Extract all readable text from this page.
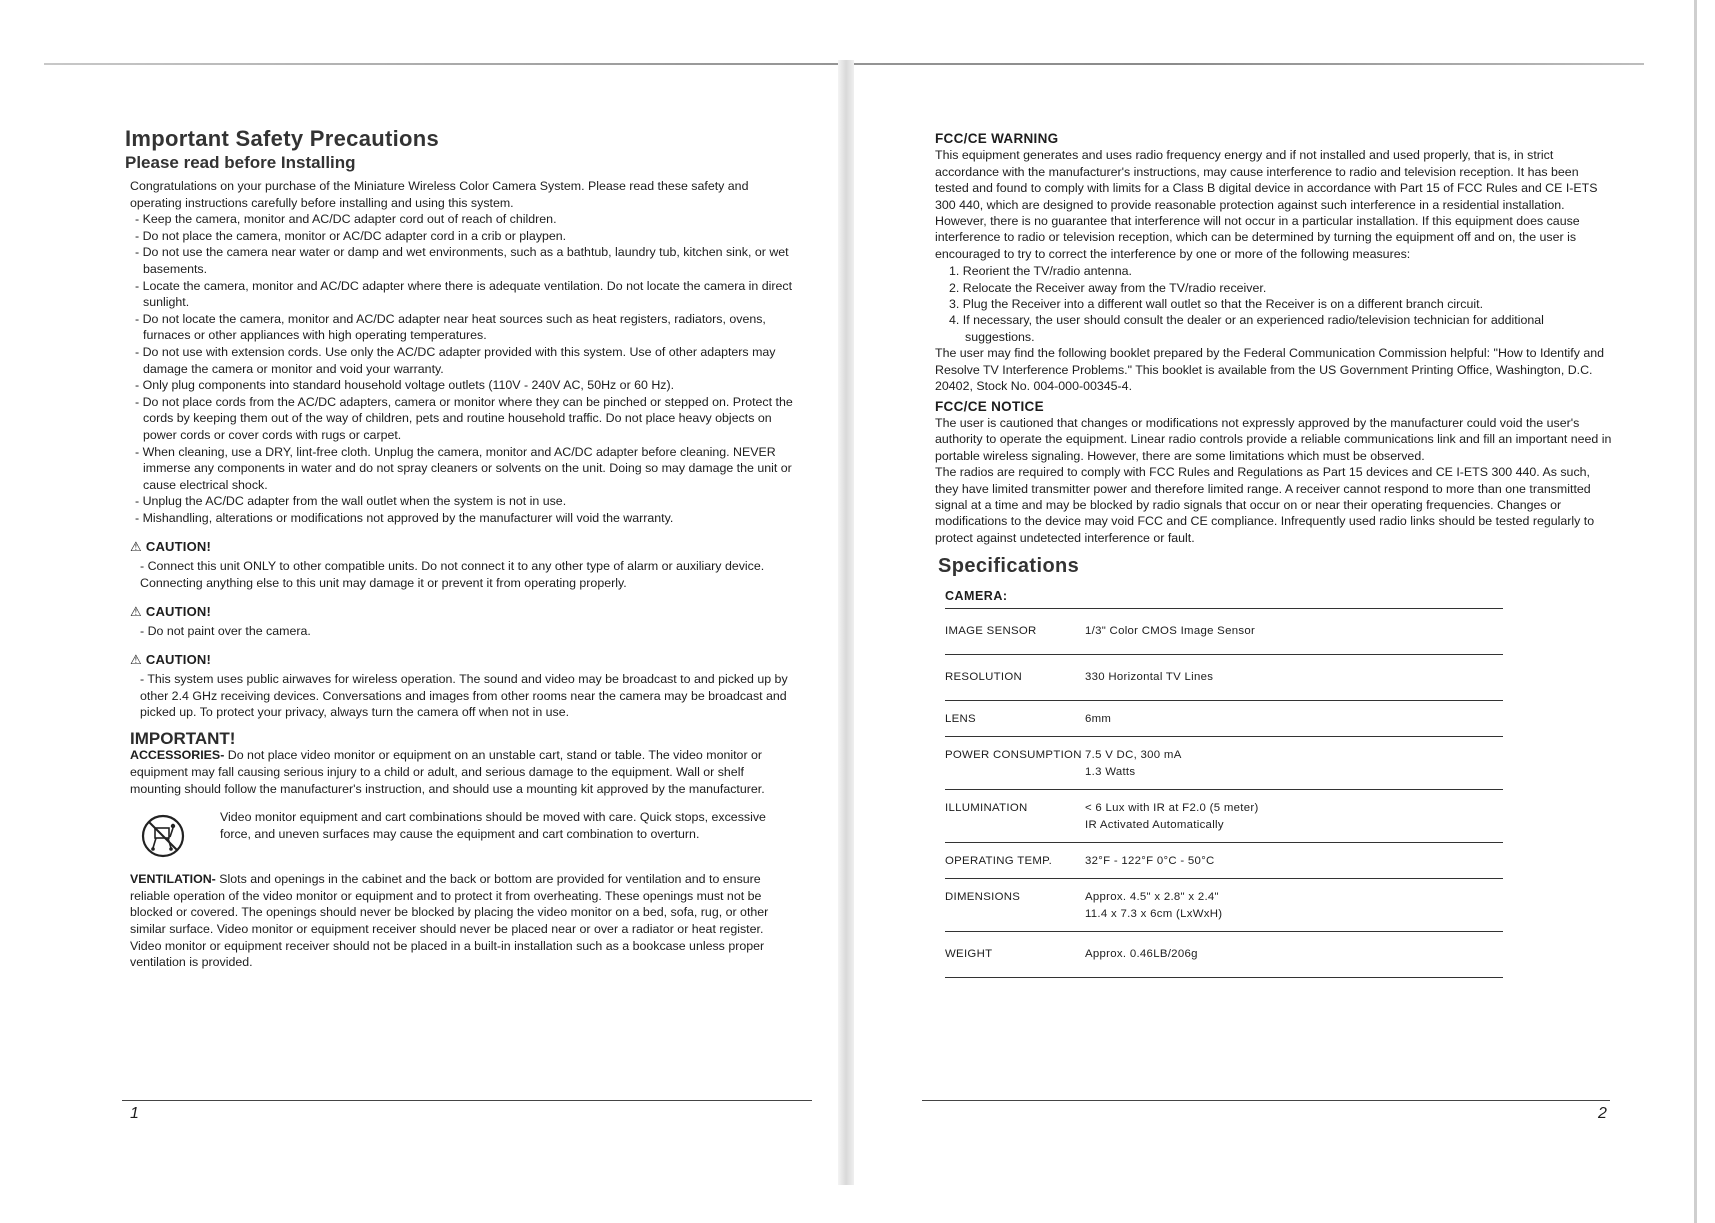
Important Safety Precautions
Please read before Installing

Congratulations on your purchase of the Miniature Wireless Color Camera System. Please read these safety and operating instructions carefully before installing and using this system.

- Keep the camera, monitor and AC/DC adapter cord out of reach of children.
- Do not place the camera, monitor or AC/DC adapter cord in a crib or playpen.
- Do not use the camera near water or damp and wet environments, such as a bathtub, laundry tub, kitchen sink, or wet basements.
- Locate the camera, monitor and AC/DC adapter where there is adequate ventilation. Do not locate the camera in direct sunlight.
- Do not locate the camera, monitor and AC/DC adapter near heat sources such as heat registers, radiators, ovens, furnaces or other appliances with high operating temperatures.
- Do not use with extension cords. Use only the AC/DC adapter provided with this system. Use of other adapters may damage the camera or monitor and void your warranty.
- Only plug components into standard household voltage outlets (110V - 240V AC, 50Hz or 60 Hz).
- Do not place cords from the AC/DC adapters, camera or monitor where they can be pinched or stepped on. Protect the cords by keeping them out of the way of children, pets and routine household traffic. Do not place heavy objects on power cords or cover cords with rugs or carpet.
- When cleaning, use a DRY, lint-free cloth. Unplug the camera, monitor and AC/DC adapter before cleaning. NEVER immerse any components in water and do not spray cleaners or solvents on the unit. Doing so may damage the unit or cause electrical shock.
- Unplug the AC/DC adapter from the wall outlet when the system is not in use.
- Mishandling, alterations or modifications not approved by the manufacturer will void the warranty.
⚠ CAUTION!
- Connect this unit ONLY to other compatible units. Do not connect it to any other type of alarm or auxiliary device. Connecting anything else to this unit may damage it or prevent it from operating properly.
⚠ CAUTION!
- Do not paint over the camera.
⚠ CAUTION!
- This system uses public airwaves for wireless operation. The sound and video may be broadcast to and picked up by other 2.4 GHz receiving devices. Conversations and images from other rooms near the camera may be broadcast and picked up. To protect your privacy, always turn the camera off when not in use.
IMPORTANT!

ACCESSORIES- Do not place video monitor or equipment on an unstable cart, stand or table. The video monitor or equipment may fall causing serious injury to a child or adult, and serious damage to the equipment. Wall or shelf mounting should follow the manufacturer's instruction, and should use a mounting kit approved by the manufacturer.

Video monitor equipment and cart combinations should be moved with care. Quick stops, excessive force, and uneven surfaces may cause the equipment and cart combination to overturn.

VENTILATION- Slots and openings in the cabinet and the back or bottom are provided for ventilation and to ensure reliable operation of the video monitor or equipment and to protect it from overheating. These openings must not be blocked or covered. The openings should never be blocked by placing the video monitor on a bed, sofa, rug, or other similar surface. Video monitor or equipment receiver should never be placed near or over a radiator or heat register. Video monitor or equipment receiver should not be placed in a built-in installation such as a bookcase unless proper ventilation is provided.

1
FCC/CE WARNING

This equipment generates and uses radio frequency energy and if not installed and used properly, that is, in strict accordance with the manufacturer's instructions, may cause interference to radio and television reception. It has been tested and found to comply with limits for a Class B digital device in accordance with Part 15 of FCC Rules and CE I-ETS 300 440, which are designed to provide reasonable protection against such interference in a residential installation. However, there is no guarantee that interference will not occur in a particular installation. If this equipment does cause interference to radio or television reception, which can be determined by turning the equipment off and on, the user is encouraged to try to correct the interference by one or more of the following measures:

1. Reorient the TV/radio antenna.
2. Relocate the Receiver away from the TV/radio receiver.
3. Plug the Receiver into a different wall outlet so that the Receiver is on a different branch circuit.
4. If necessary, the user should consult the dealer or an experienced radio/television technician for additional suggestions.

The user may find the following booklet prepared by the Federal Communication Commission helpful: "How to Identify and Resolve TV Interference Problems." This booklet is available from the US Government Printing Office, Washington, D.C. 20402, Stock No. 004-000-00345-4.

FCC/CE NOTICE

The user is cautioned that changes or modifications not expressly approved by the manufacturer could void the user's authority to operate the equipment. Linear radio controls provide a reliable communications link and fill an important need in portable wireless signaling. However, there are some limitations which must be observed.

The radios are required to comply with FCC Rules and Regulations as Part 15 devices and CE I-ETS 300 440. As such, they have limited transmitter power and therefore limited range. A receiver cannot respond to more than one transmitted signal at a time and may be blocked by radio signals that occur on or near their operating frequencies. Changes or modifications to the device may void FCC and CE compliance. Infrequently used radio links should be tested regularly to protect against undetected interference or fault.

Specifications
CAMERA:
IMAGE SENSOR	1/3" Color CMOS Image Sensor
RESOLUTION	330 Horizontal TV Lines
LENS	6mm
POWER CONSUMPTION 7.5 V DC, 300 mA
1.3 Watts
ILLUMINATION	< 6 Lux with IR at F2.0 (5 meter)
IR Activated Automatically
OPERATING TEMP.	32°F - 122°F 0°C - 50°C
DIMENSIONS	Approx. 4.5" x 2.8" x 2.4"
11.4 x 7.3 x 6cm (LxWxH)
WEIGHT	Approx. 0.46LB/206g
2
